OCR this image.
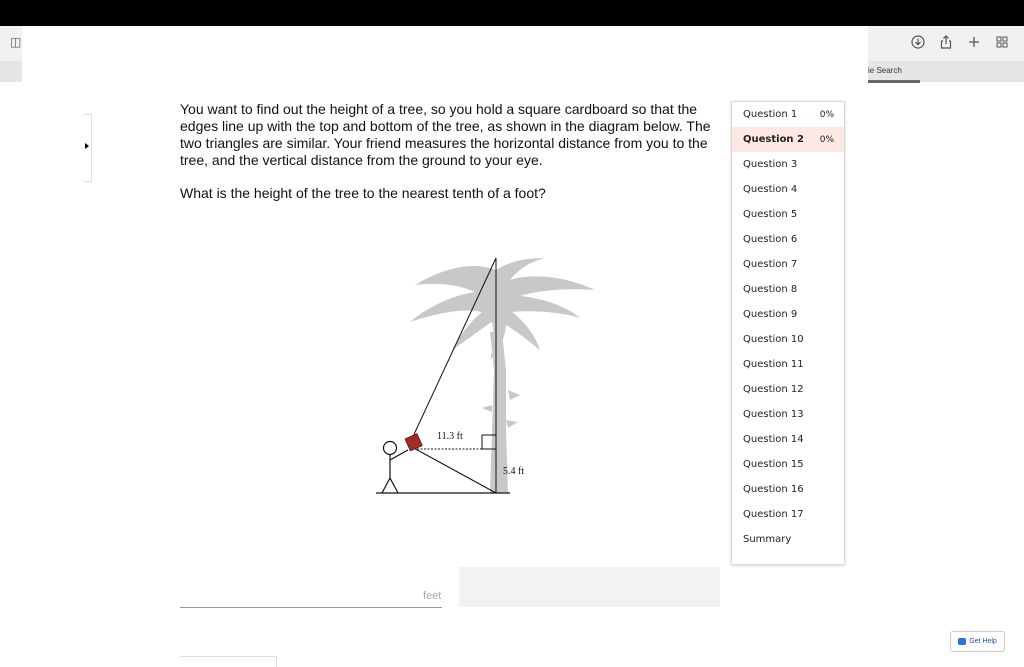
◫
ie Search

You want to find out the height of a tree, so you hold a square cardboard so that the edges line up with the top and bottom of the tree, as shown in the diagram below. The two triangles are similar. Your friend measures the horizontal distance from you to the tree, and the vertical distance from the ground to your eye.

What is the height of the tree to the nearest tenth of a foot?

11.3 ft
5.4 ft
feet
Question 1 0%
Question 2 0%
Question 3
Question 4
Question 5
Question 6
Question 7
Question 8
Question 9
Question 10
Question 11
Question 12
Question 13
Question 14
Question 15
Question 16
Question 17
Summary
Get Help
